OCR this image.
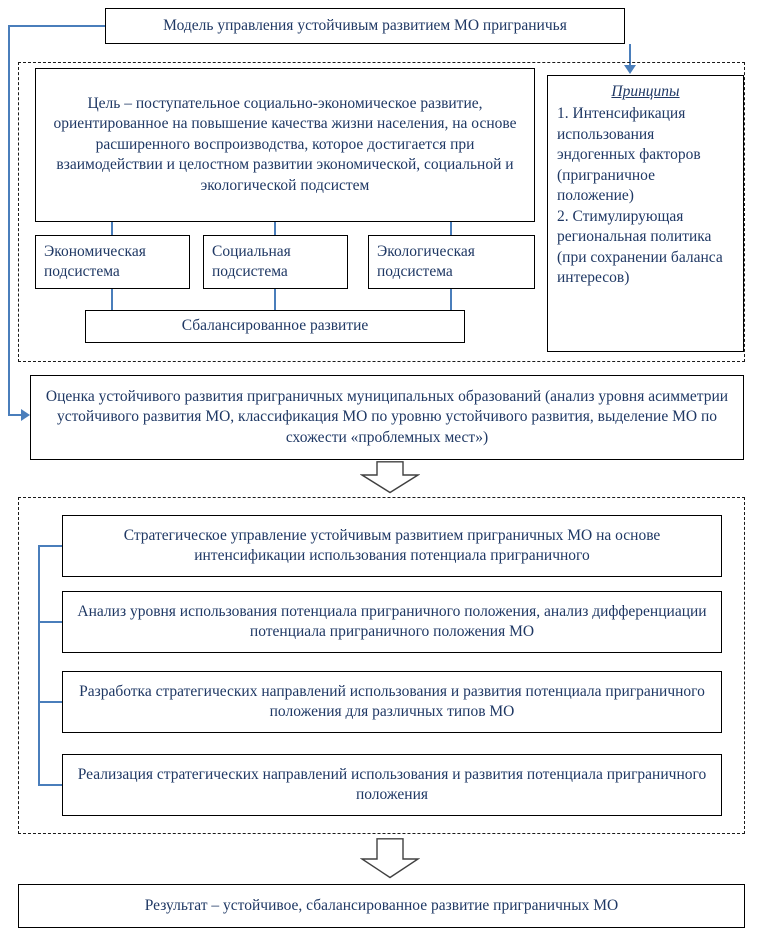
Модель управления устойчивым развитием МО приграничья
Цель – поступательное социально-экономическое развитие, ориентированное на повышение качества жизни населения, на основе расширенного воспроизводства, которое достигается при взаимодействии и целостном развитии экономической, социальной и экологической подсистем
Принципы
1. Интенсификация использования эндогенных факторов (приграничное положение)
2. Стимулирующая региональная политика (при сохранении баланса интересов)
Экономическая подсистема
Социальная подсистема
Экологическая подсистема
Сбалансированное развитие
Оценка устойчивого развития приграничных муниципальных образований (анализ уровня асимметрии устойчивого развития МО, классификация МО по уровню устойчивого развития, выделение МО по схожести «проблемных мест»)
Стратегическое управление устойчивым развитием приграничных МО на основе интенсификации использования потенциала приграничного
Анализ уровня использования потенциала приграничного положения, анализ дифференциации потенциала приграничного положения МО
Разработка стратегических направлений использования и развития потенциала приграничного положения для различных типов МО
Реализация стратегических направлений использования и развития потенциала приграничного положения
Результат – устойчивое, сбалансированное развитие приграничных МО
